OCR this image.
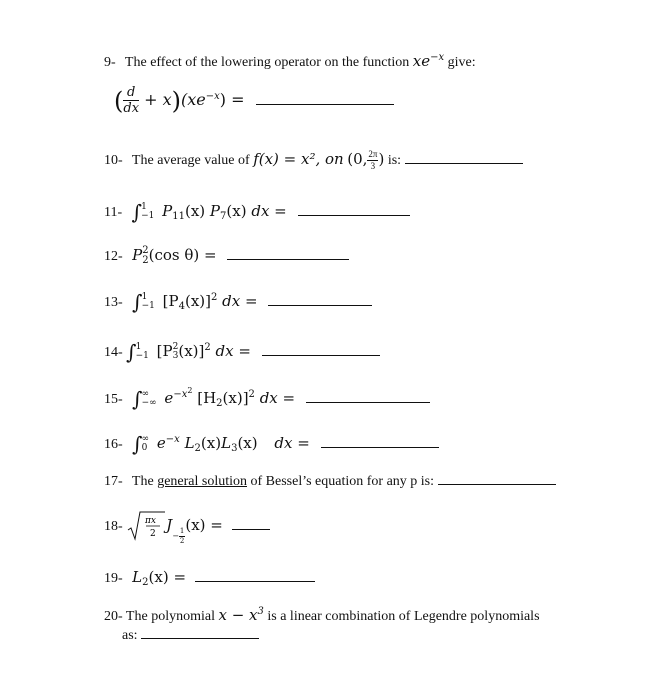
9- The effect of the lowering operator on the function $xe^{-x}$ give:
( $\frac{d}{dx} + x)(xe^{-x})$ =
10- The average value of f(x) = x², on (0, $\frac{2\pi}{3}$ ) is:
11- ∫ 1
−1 $P_{11}(x)$ $P_7(x)$ dx =
12- P 2
2 (cos θ) =
13- ∫ 1
−1 $[P_4(x)]^2$ dx =
14- ∫ 1
−1 [P 2
3 (x)]$^2$ dx =
15- ∫ ∞
−∞ $e^{-x2}$ $[H_2(x)]^2$ dx =
16- ∫ ∞
0 $e^{-x}$ $L_2(x)L_3(x)$ dx =
17- The general solution of Bessel’s equation for any p is:
18-	πx
2 $J- \frac{1}{2}$
(x) =
19- $L_2(x)$ =
20- The polynomial $x - x^3$ is a linear combination of Legendre polynomials
as:
